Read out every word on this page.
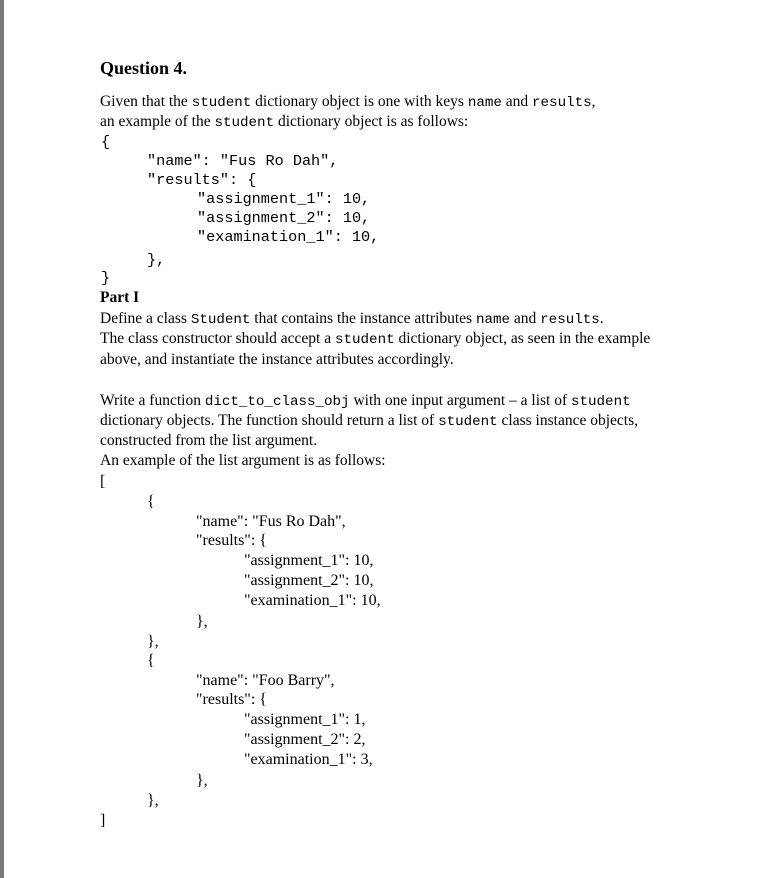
Question 4.
Given that the student dictionary object is one with keys name and results,
an example of the student dictionary object is as follows:
{
"name": "Fus Ro Dah",
"results": {
"assignment_1": 10,
"assignment_2": 10,
"examination_1": 10,
},
}
Part I
Define a class Student that contains the instance attributes name and results.
The class constructor should accept a student dictionary object, as seen in the example
above, and instantiate the instance attributes accordingly.
Write a function dict_to_class_obj with one input argument – a list of student
dictionary objects. The function should return a list of student class instance objects,
constructed from the list argument.
An example of the list argument is as follows:
[
{
"name": "Fus Ro Dah",
"results": {
"assignment_1": 10,
"assignment_2": 10,
"examination_1": 10,
},
},
{
"name": "Foo Barry",
"results": {
"assignment_1": 1,
"assignment_2": 2,
"examination_1": 3,
},
},
]
